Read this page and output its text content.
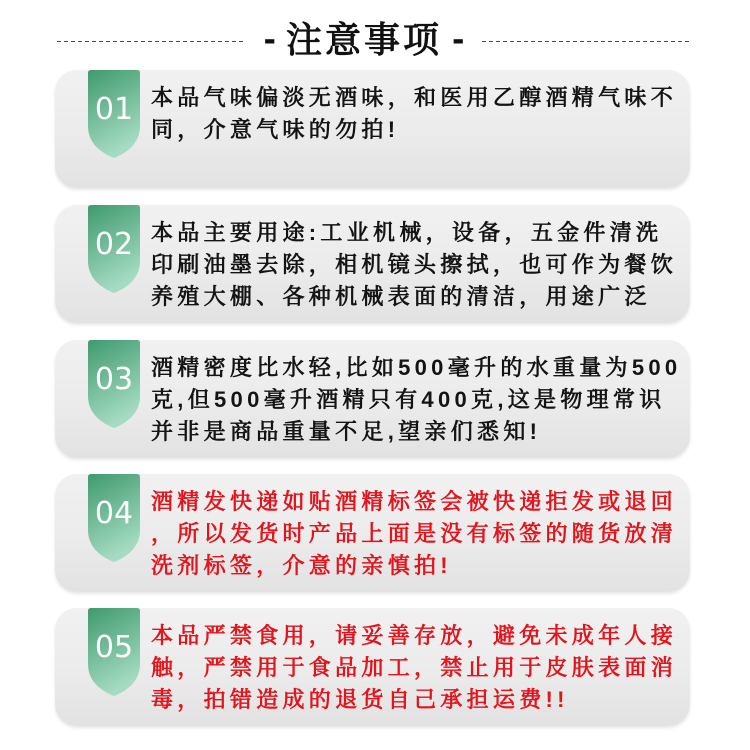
- 注意事项 -
01 本品气味偏淡无酒味，和医用乙醇酒精气味不
同，介意气味的勿拍!
02 本品主要用途:工业机械，设备，五金件清洗
印刷油墨去除，相机镜头擦拭，也可作为餐饮
养殖大棚、各种机械表面的清洁，用途广泛
03 酒精密度比水轻,比如500毫升的水重量为500
克,但500毫升酒精只有400克,这是物理常识
并非是商品重量不足,望亲们悉知!
04 酒精发快递如贴酒精标签会被快递拒发或退回
，所以发货时产品上面是没有标签的随货放清
洗剂标签，介意的亲慎拍!
05 本品严禁食用，请妥善存放，避免未成年人接
触，严禁用于食品加工，禁止用于皮肤表面消
毒，拍错造成的退货自己承担运费!!
